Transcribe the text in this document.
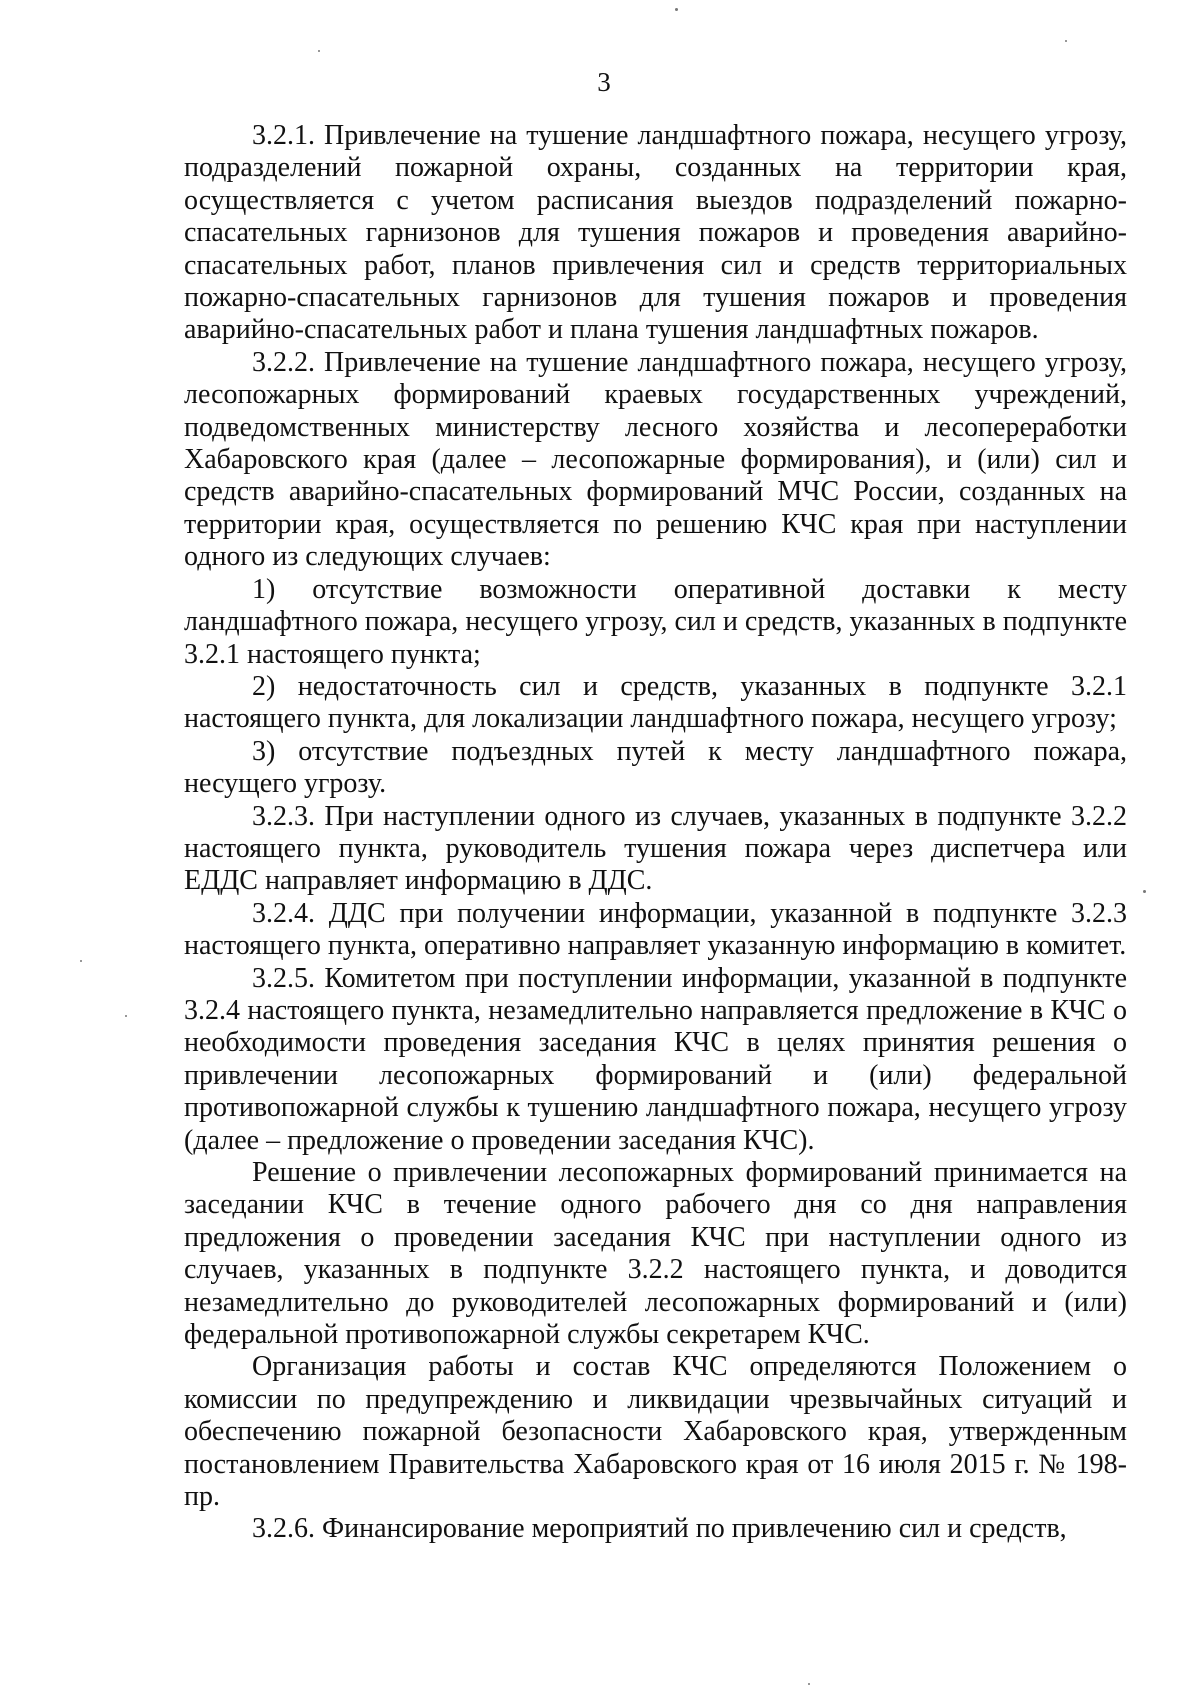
3

3.2.1. Привлечение на тушение ландшафтного пожара, несущего угрозу, подразделений пожарной охраны, созданных на территории края, осуществляется с учетом расписания выездов подразделений пожарно-спасательных гарнизонов для тушения пожаров и проведения аварийно-спасательных работ, планов привлечения сил и средств территориальных пожарно-спасательных гарнизонов для тушения пожаров и проведения аварийно-спасательных работ и плана тушения ландшафтных пожаров.

3.2.2. Привлечение на тушение ландшафтного пожара, несущего угрозу, лесопожарных формирований краевых государственных учреждений, подведомственных министерству лесного хозяйства и лесопереработки Хабаровского края (далее – лесопожарные формирования), и (или) сил и средств аварийно-спасательных формирований МЧС России, созданных на территории края, осуществляется по решению КЧС края при наступлении одного из следующих случаев:

1) отсутствие возможности оперативной доставки к месту ландшафтного пожара, несущего угрозу, сил и средств, указанных в подпункте 3.2.1 настоящего пункта;

2) недостаточность сил и средств, указанных в подпункте 3.2.1 настоящего пункта, для локализации ландшафтного пожара, несущего угрозу;

3) отсутствие подъездных путей к месту ландшафтного пожара, несущего угрозу.

3.2.3. При наступлении одного из случаев, указанных в подпункте 3.2.2 настоящего пункта, руководитель тушения пожара через диспетчера или ЕДДС направляет информацию в ДДС.

3.2.4. ДДС при получении информации, указанной в подпункте 3.2.3 настоящего пункта, оперативно направляет указанную информацию в комитет.

3.2.5. Комитетом при поступлении информации, указанной в подпункте 3.2.4 настоящего пункта, незамедлительно направляется предложение в КЧС о необходимости проведения заседания КЧС в целях принятия решения о привлечении лесопожарных формирований и (или) федеральной противопожарной службы к тушению ландшафтного пожара, несущего угрозу (далее – предложение о проведении заседания КЧС).

Решение о привлечении лесопожарных формирований принимается на заседании КЧС в течение одного рабочего дня со дня направления предложения о проведении заседания КЧС при наступлении одного из случаев, указанных в подпункте 3.2.2 настоящего пункта, и доводится незамедлительно до руководителей лесопожарных формирований и (или) федеральной противопожарной службы секретарем КЧС.

Организация работы и состав КЧС определяются Положением о комиссии по предупреждению и ликвидации чрезвычайных ситуаций и обеспечению пожарной безопасности Хабаровского края, утвержденным постановлением Правительства Хабаровского края от 16 июля 2015 г. № 198-пр.

3.2.6. Финансирование мероприятий по привлечению сил и средств,
